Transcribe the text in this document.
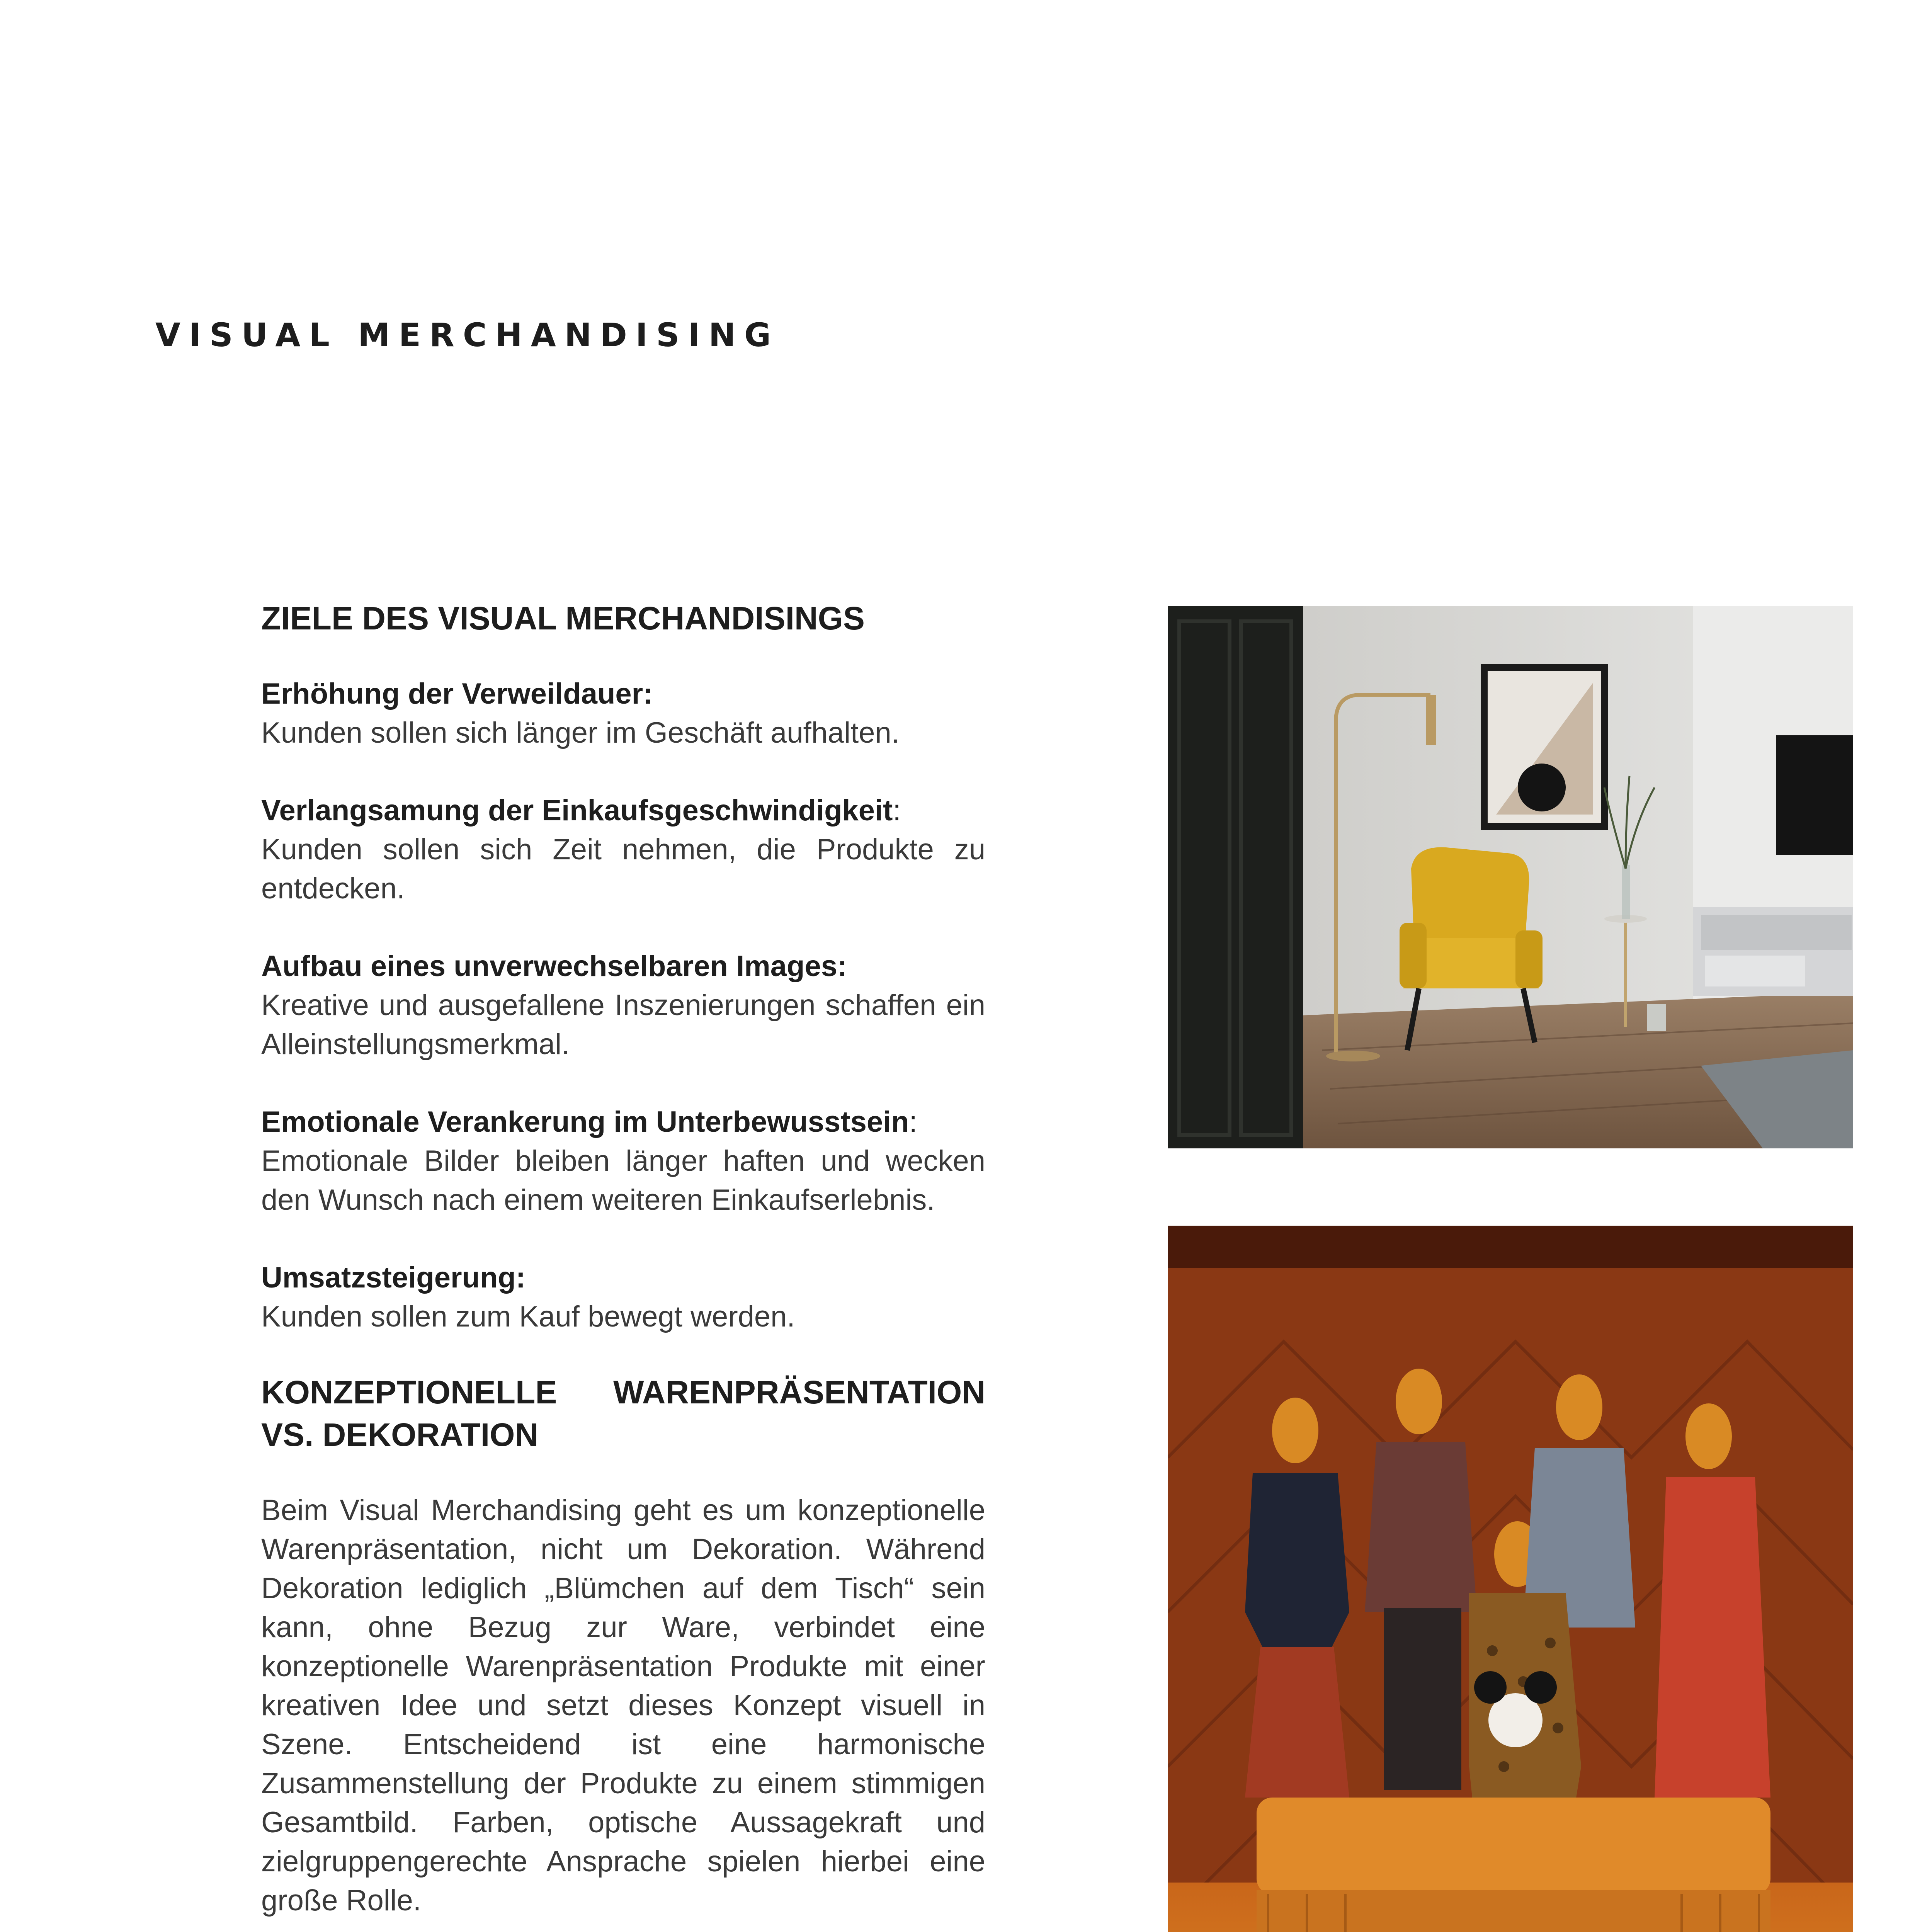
VISUAL MERCHANDISING
ZIELE DES VISUAL MERCHANDISINGS

Erhöhung der Verweildauer:
Kunden sollen sich länger im Geschäft aufhalten.

Verlangsamung der Einkaufsgeschwindigkeit:
Kunden sollen sich Zeit nehmen, die Produkte zu entdecken.

Aufbau eines unverwechselbaren Images:
Kreative und ausgefallene Inszenierungen schaffen ein Alleinstellungsmerkmal.

Emotionale Verankerung im Unterbewusstsein:
Emotionale Bilder bleiben länger haften und wecken den Wunsch nach einem weiteren Einkaufserlebnis.

Umsatzsteigerung:
Kunden sollen zum Kauf bewegt werden.

KONZEPTIONELLE WARENPRÄSENTATION VS. DEKORATION

Beim Visual Merchandising geht es um konzeptionelle Warenpräsentation, nicht um Dekoration. Während Dekoration lediglich „Blümchen auf dem Tisch“ sein kann, ohne Bezug zur Ware, verbindet eine konzeptionelle Warenpräsentation Produkte mit einer kreativen Idee und setzt dieses Konzept visuell in Szene. Entscheidend ist eine harmonische Zusammenstellung der Produkte zu einem stimmigen Gesamtbild. Farben, optische Aussagekraft und zielgruppengerechte Ansprache spielen hierbei eine große Rolle.
